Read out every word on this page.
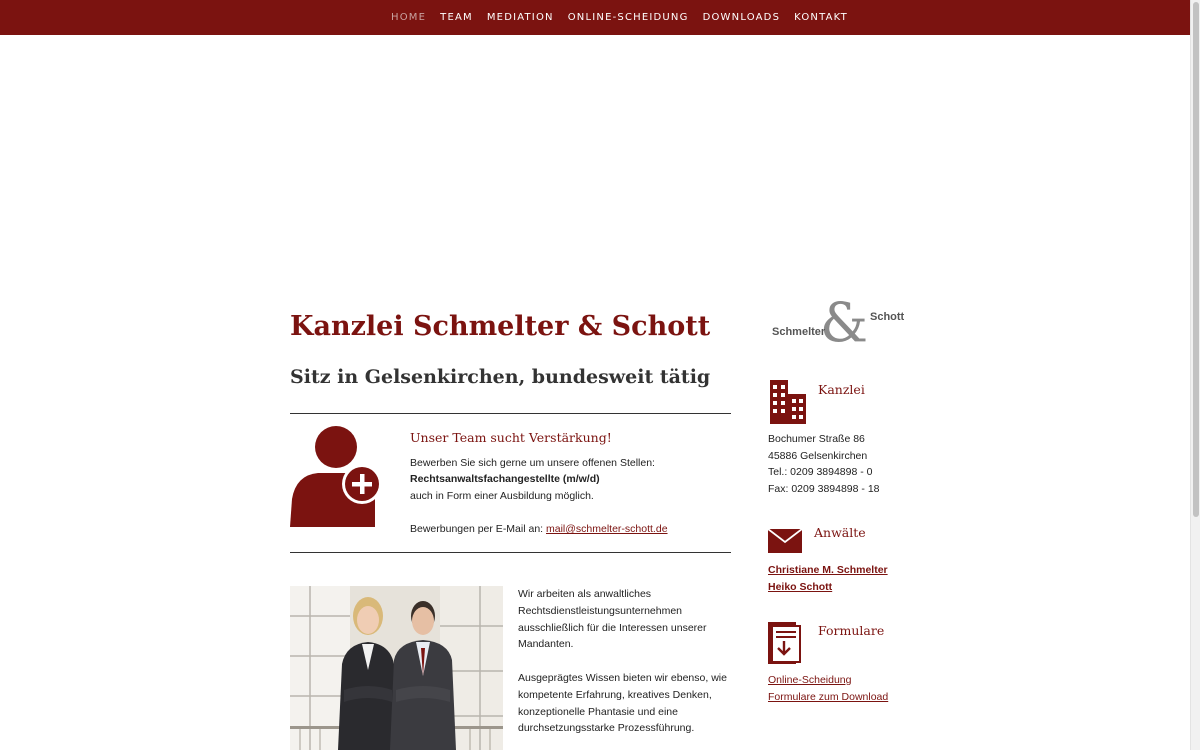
HOME TEAM MEDIATION ONLINE-SCHEIDUNG DOWNLOADS KONTAKT
Kanzlei Schmelter & Schott
Sitz in Gelsenkirchen, bundesweit tätig
Unser Team sucht Verstärkung!
Bewerben Sie sich gerne um unsere offenen Stellen:
Rechtsanwaltsfachangestellte (m/w/d)
auch in Form einer Ausbildung möglich.
Bewerbungen per E-Mail an: mail@schmelter-schott.de

Wir arbeiten als anwaltliches Rechtsdienstleistungsunternehmen ausschließlich für die Interessen unserer Mandanten.

Ausgeprägtes Wissen bieten wir ebenso, wie kompetente Erfahrung, kreatives Denken, konzeptionelle Phantasie und eine durchsetzungsstarke Prozessführung.

&
Schmelter
Schott
Kanzlei
Bochumer Straße 86
45886 Gelsenkirchen
Tel.: 0209 3894898 - 0
Fax: 0209 3894898 - 18
Anwälte
Christiane M. Schmelter
Heiko Schott
Formulare
Online-Scheidung
Formulare zum Download
